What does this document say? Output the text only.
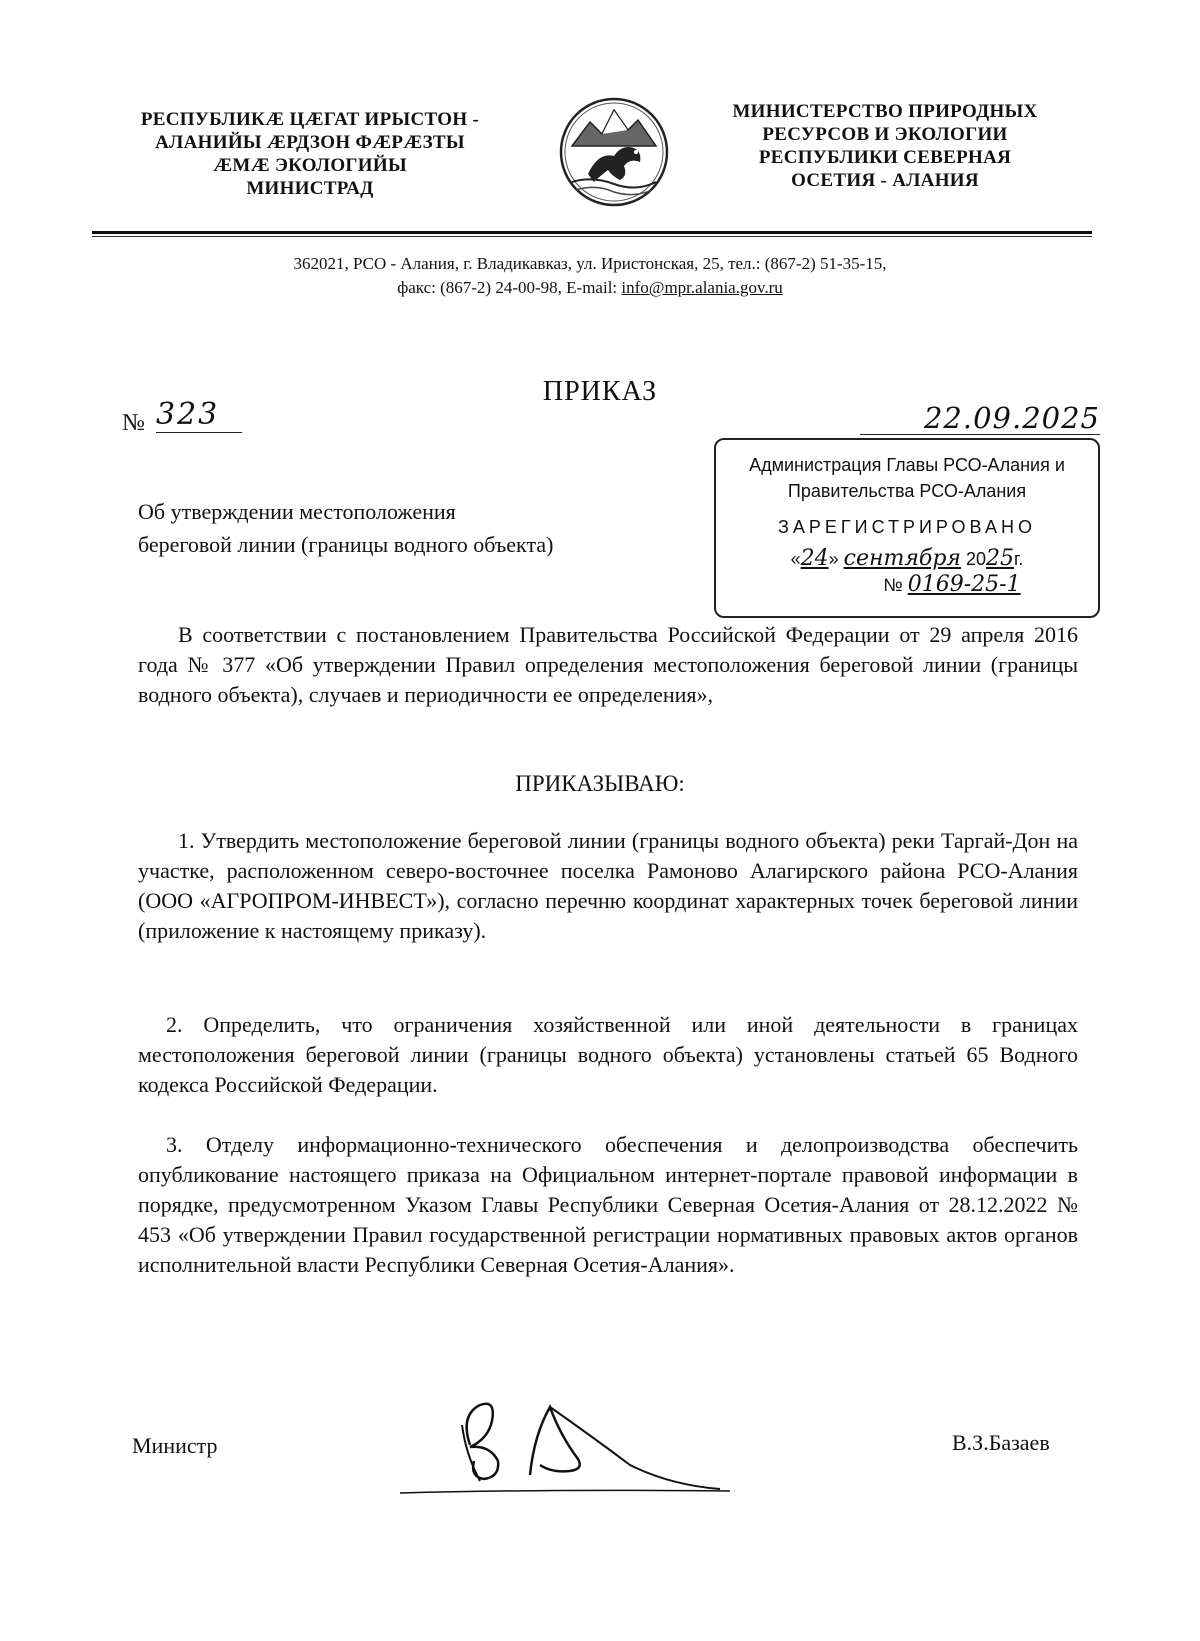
РЕСПУБЛИКÆ ЦÆГАТ ИРЫСТОН -
АЛАНИЙЫ ÆРДЗОН ФÆРÆЗТЫ
ÆМÆ ЭКОЛОГИЙЫ
МИНИСТРАД
МИНИСТЕРСТВО ПРИРОДНЫХ
РЕСУРСОВ И ЭКОЛОГИИ
РЕСПУБЛИКИ СЕВЕРНАЯ
ОСЕТИЯ - АЛАНИЯ
362021, РСО - Алания, г. Владикавказ, ул. Иристонская, 25, тел.: (867-2) 51-35-15,
факс: (867-2) 24-00-98, E-mail: info@mpr.alania.gov.ru
ПРИКАЗ
№ 323	22.09.2025
Администрация Главы РСО-Алания и
Правительства РСО-Алания
ЗАРЕГИСТРИРОВАНО
«24» сентября 2025г.
№ 0169-25-1
Об утверждении местоположения
береговой линии (границы водного объекта)
В соответствии с постановлением Правительства Российской Федерации от 29 апреля 2016 года № 377 «Об утверждении Правил определения местоположения береговой линии (границы водного объекта), случаев и периодичности ее определения»,
ПРИКАЗЫВАЮ:
1. Утвердить местоположение береговой линии (границы водного объекта) реки Таргай-Дон на участке, расположенном северо-восточнее поселка Рамоново Алагирского района РСО-Алания (ООО «АГРОПРОМ-ИНВЕСТ»), согласно перечню координат характерных точек береговой линии (приложение к настоящему приказу).
2. Определить, что ограничения хозяйственной или иной деятельности в границах местоположения береговой линии (границы водного объекта) установлены статьей 65 Водного кодекса Российской Федерации.
3. Отделу информационно-технического обеспечения и делопроизводства обеспечить опубликование настоящего приказа на Официальном интернет-портале правовой информации в порядке, предусмотренном Указом Главы Республики Северная Осетия-Алания от 28.12.2022 № 453 «Об утверждении Правил государственной регистрации нормативных правовых актов органов исполнительной власти Республики Северная Осетия-Алания».
Министр	В.З.Базаев
